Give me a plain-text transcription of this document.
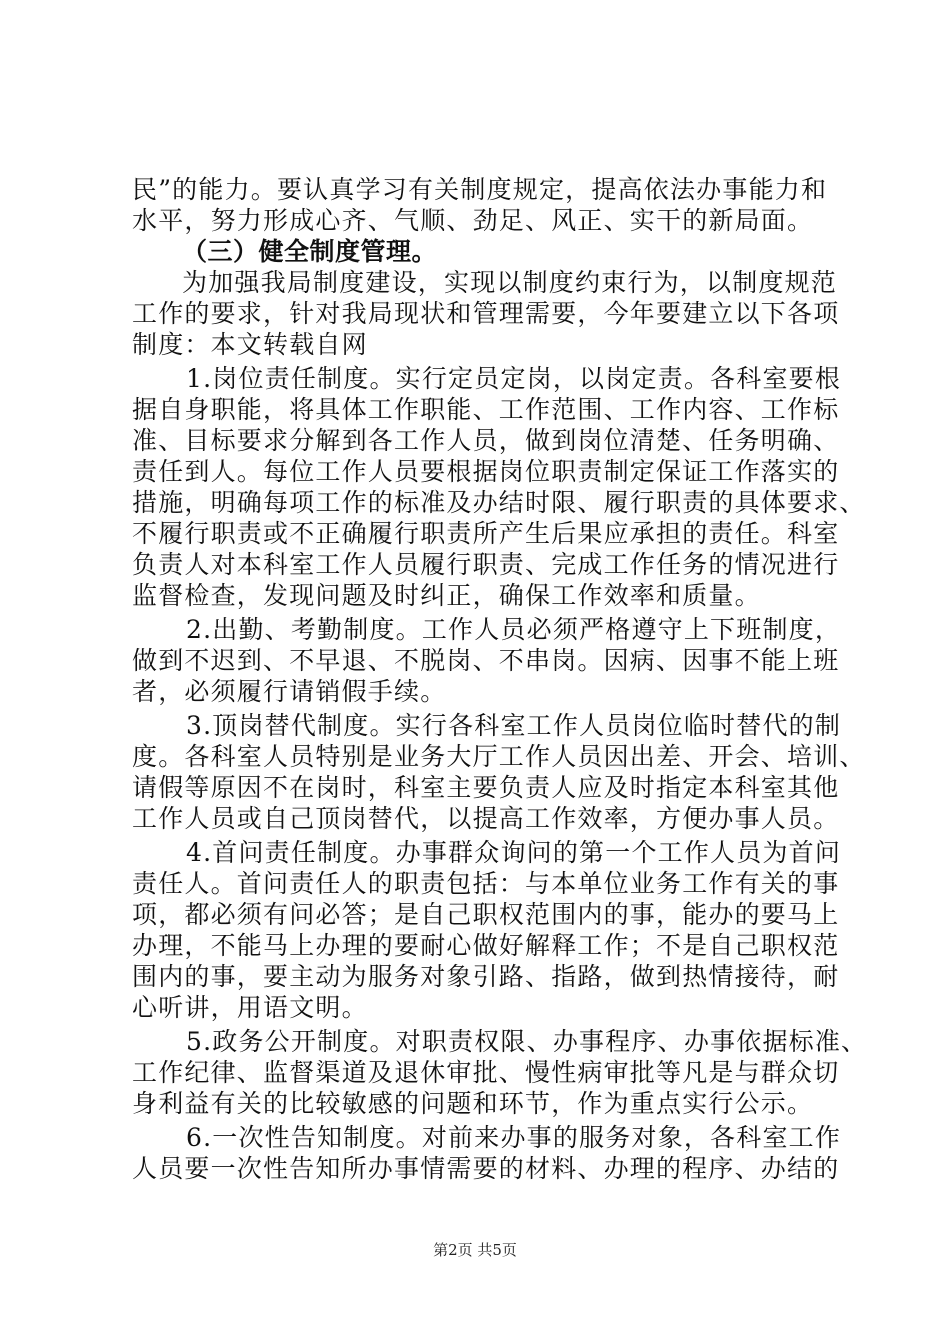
民”的能力。要认真学习有关制度规定，提高依法办事能力和
水平，努力形成心齐、气顺、劲足、风正、实干的新局面。
（三）健全制度管理。
为加强我局制度建设，实现以制度约束行为，以制度规范
工作的要求，针对我局现状和管理需要，今年要建立以下各项
制度：本文转载自网
1.岗位责任制度。实行定员定岗，以岗定责。各科室要根
据自身职能，将具体工作职能、工作范围、工作内容、工作标
准、目标要求分解到各工作人员，做到岗位清楚、任务明确、
责任到人。每位工作人员要根据岗位职责制定保证工作落实的
措施，明确每项工作的标准及办结时限、履行职责的具体要求、
不履行职责或不正确履行职责所产生后果应承担的责任。科室
负责人对本科室工作人员履行职责、完成工作任务的情况进行
监督检查，发现问题及时纠正，确保工作效率和质量。
2.出勤、考勤制度。工作人员必须严格遵守上下班制度，
做到不迟到、不早退、不脱岗、不串岗。因病、因事不能上班
者，必须履行请销假手续。
3.顶岗替代制度。实行各科室工作人员岗位临时替代的制
度。各科室人员特别是业务大厅工作人员因出差、开会、培训、
请假等原因不在岗时，科室主要负责人应及时指定本科室其他
工作人员或自己顶岗替代，以提高工作效率，方便办事人员。
4.首问责任制度。办事群众询问的第一个工作人员为首问
责任人。首问责任人的职责包括：与本单位业务工作有关的事
项，都必须有问必答；是自己职权范围内的事，能办的要马上
办理，不能马上办理的要耐心做好解释工作；不是自己职权范
围内的事，要主动为服务对象引路、指路，做到热情接待，耐
心听讲，用语文明。
5.政务公开制度。对职责权限、办事程序、办事依据标准、
工作纪律、监督渠道及退休审批、慢性病审批等凡是与群众切
身利益有关的比较敏感的问题和环节，作为重点实行公示。
6.一次性告知制度。对前来办事的服务对象，各科室工作
人员要一次性告知所办事情需要的材料、办理的程序、办结的
第2页 共5页
